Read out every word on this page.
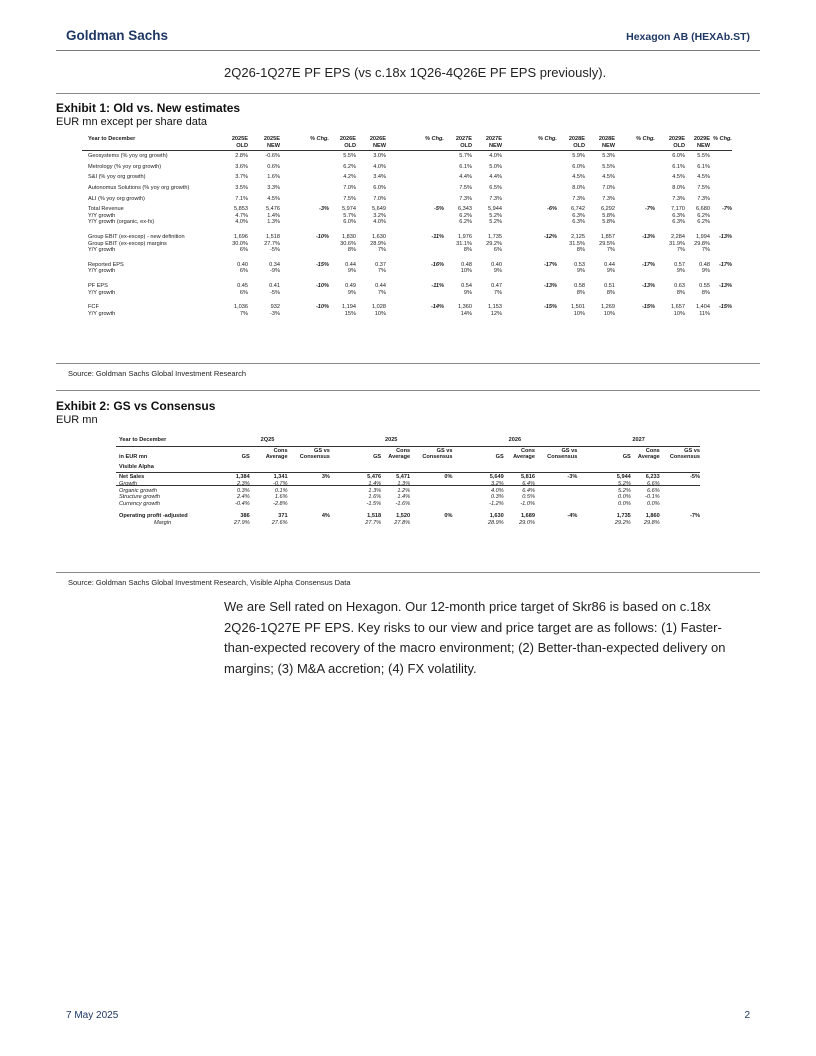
Goldman Sachs	Hexagon AB (HEXAb.ST)
2Q26-1Q27E PF EPS (vs c.18x 1Q26-4Q26E PF EPS previously).
Exhibit 1: Old vs. New estimates
EUR mn except per share data
Year to December		2025E	2025E	% Chg.	2026E	2026E	% Chg.	2027E	2027E	% Chg.	2028E	2028E	% Chg.	2029E	2029E	% Chg.
		OLD	NEW		OLD	NEW		OLD	NEW		OLD	NEW		OLD	NEW	

Geosystems (% yoy org growth)		2.8%	-0.6%		5.5%	3.0%		5.7%	4.0%		5.9%	5.3%		6.0%	5.5%	

Metrology (% yoy org growth)		3.6%	0.6%		6.2%	4.0%		6.1%	5.0%		6.0%	5.5%		6.1%	6.1%	

S&I (% yoy org growth)		3.7%	1.6%		4.2%	3.4%		4.4%	4.4%		4.5%	4.5%		4.5%	4.5%	

Autonomus Solutions (% yoy org growth)		3.5%	3.3%		7.0%	6.0%		7.5%	6.5%		8.0%	7.0%		8.0%	7.5%	

ALI (% yoy org growth)		7.1%	4.5%		7.5%	7.0%		7.3%	7.3%		7.3%	7.3%		7.3%	7.3%	

Total Revenue		5,853	5,476	-3%	5,974	5,649	-5%	6,343	5,944	-6%	6,742	6,292	-7%	7,170	6,680	-7%
Y/Y growth		4.7%	1.4%		5.7%	3.2%		6.2%	5.2%		6.3%	5.8%		6.3%	6.2%	
Y/Y growth (organic, ex-fx)		4.0%	1.3%		6.0%	4.0%		6.2%	5.2%		6.3%	5.8%		6.3%	6.2%	

Group EBIT (ex-excep) - new definition		1,696	1,518	-10%	1,830	1,630	-11%	1,976	1,735	-12%	2,125	1,857	-13%	2,284	1,994	-13%
Group EBIT (ex-excep) margins		30.0%	27.7%		30.6%	28.9%		31.1%	29.2%		31.5%	29.5%		31.9%	29.8%	
Y/Y growth		6%	-5%		8%	7%		8%	6%		8%	7%		7%	7%	

Reported EPS		0.40	0.34	-15%	0.44	0.37	-16%	0.48	0.40	-17%	0.53	0.44	-17%	0.57	0.48	-17%
Y/Y growth		6%	-9%		9%	7%		10%	9%		9%	9%		9%	9%	

PF EPS		0.45	0.41	-10%	0.49	0.44	-11%	0.54	0.47	-13%	0.58	0.51	-13%	0.63	0.55	-13%
Y/Y growth		6%	-5%		9%	7%		9%	7%		8%	8%		8%	8%	

FCF		1,036	932	-10%	1,194	1,028	-14%	1,360	1,153	-15%	1,501	1,269	-15%	1,657	1,404	-15%
Y/Y growth		7%	-3%		15%	10%		14%	12%		10%	10%		10%	11%	
Source: Goldman Sachs Global Investment Research
Exhibit 2: GS vs Consensus
EUR mn
Year to December	2Q25			2025			2026			2027		

		Cons	GS vs		Cons	GS vs		Cons	GS vs		Cons	GS vs
in EUR mn	GS	Average	Consensus	GS	Average	Consensus	GS	Average	Consensus	GS	Average	Consensus

Visible Alpha												

Net Sales	1,384	1,341	3%	5,476	5,471	0%	5,649	5,816	-3%	5,944	6,233	-5%
Growth	2.3%	-0.7%		1.4%	1.3%		3.2%	6.4%		5.2%	6.6%	
Organic growth	0.3%	0.1%		1.3%	1.2%		4.0%	6.4%		5.2%	6.6%	
Structure growth	2.4%	1.6%		1.6%	1.4%		0.3%	0.5%		0.0%	-0.1%	
Currency growth	-0.4%	-2.8%		-1.5%	-1.6%		-1.2%	-1.0%		0.0%	0.0%	

Operating profit -adjusted	386	371	4%	1,518	1,520	0%	1,630	1,689	-4%	1,735	1,860	-7%
Margin	27.9%	27.6%		27.7%	27.8%		28.9%	29.0%		29.2%	29.8%	
Source: Goldman Sachs Global Investment Research, Visible Alpha Consensus Data
We are Sell rated on Hexagon. Our 12-month price target of Skr86 is based on c.18x 2Q26-1Q27E PF EPS. Key risks to our view and price target are as follows: (1) Faster-than-expected recovery of the macro environment; (2) Better-than-expected delivery on margins; (3) M&A accretion; (4) FX volatility.
7 May 2025	2
